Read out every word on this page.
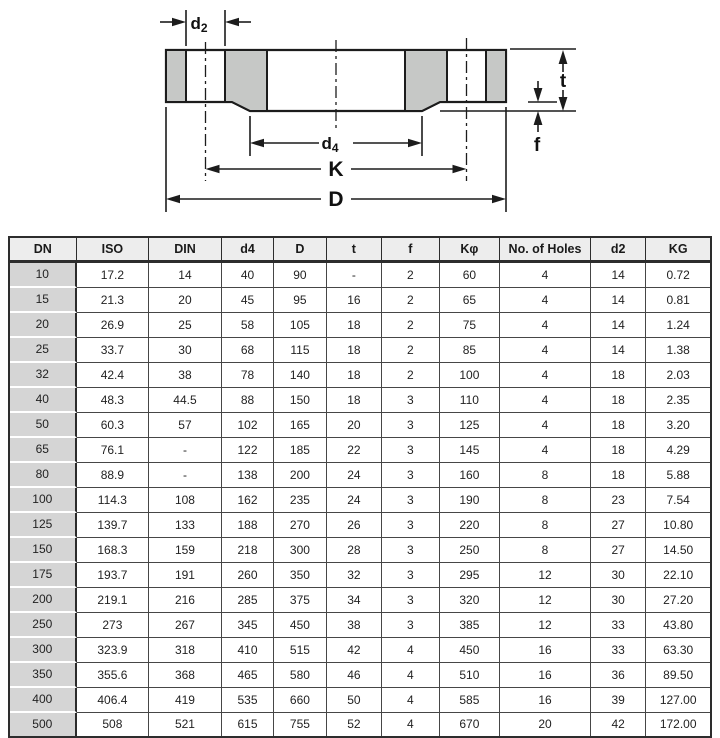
d2
t
f
d4
K
D
DN	ISO	DIN	d4	D	t	f	Kφ	No. of Holes	d2	KG
10	17.2	14	40	90	-	2	60	4	14	0.72
15	21.3	20	45	95	16	2	65	4	14	0.81
20	26.9	25	58	105	18	2	75	4	14	1.24
25	33.7	30	68	115	18	2	85	4	14	1.38
32	42.4	38	78	140	18	2	100	4	18	2.03
40	48.3	44.5	88	150	18	3	110	4	18	2.35
50	60.3	57	102	165	20	3	125	4	18	3.20
65	76.1	-	122	185	22	3	145	4	18	4.29
80	88.9	-	138	200	24	3	160	8	18	5.88
100	114.3	108	162	235	24	3	190	8	23	7.54
125	139.7	133	188	270	26	3	220	8	27	10.80
150	168.3	159	218	300	28	3	250	8	27	14.50
175	193.7	191	260	350	32	3	295	12	30	22.10
200	219.1	216	285	375	34	3	320	12	30	27.20
250	273	267	345	450	38	3	385	12	33	43.80
300	323.9	318	410	515	42	4	450	16	33	63.30
350	355.6	368	465	580	46	4	510	16	36	89.50
400	406.4	419	535	660	50	4	585	16	39	127.00
500	508	521	615	755	52	4	670	20	42	172.00
